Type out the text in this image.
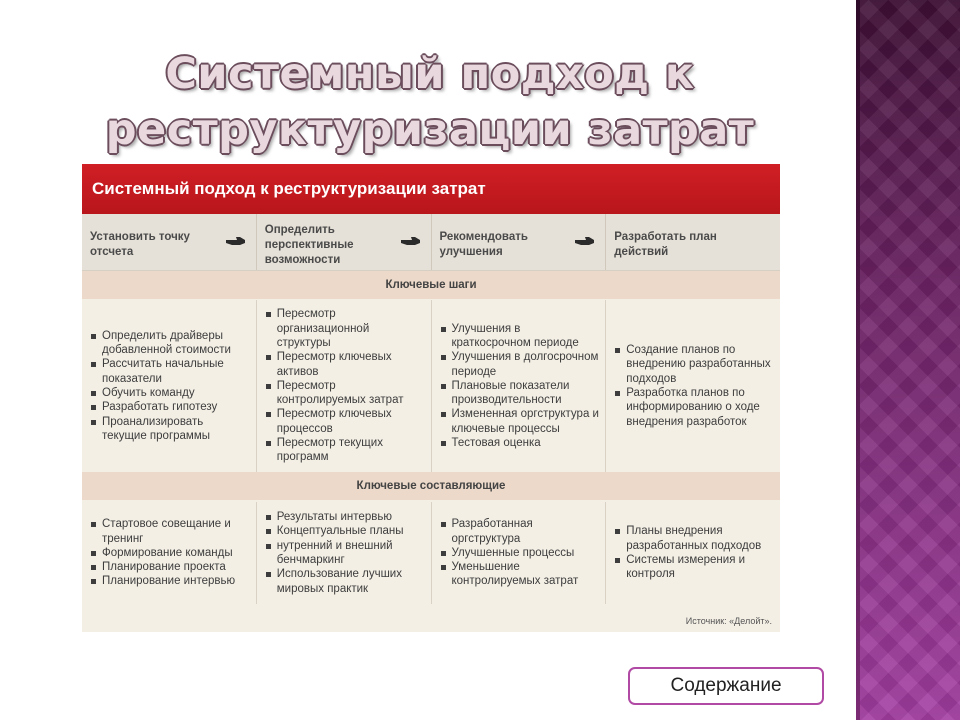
Системный подход к реструктуризации затрат
Системный подход к реструктуризации затрат
Установить точку отсчета
Определить перспективные возможности
Рекомендовать улучшения
Разработать план действий
Ключевые шаги
Определить драйверы добавленной стоимости
Рассчитать начальные показатели
Обучить команду
Разработать гипотезу
Проанализировать текущие программы
Пересмотр организационной структуры
Пересмотр ключевых активов
Пересмотр контролируемых затрат
Пересмотр ключевых процессов
Пересмотр текущих программ
Улучшения в краткосрочном периоде
Улучшения в долгосрочном периоде
Плановые показатели производительности
Измененная оргструктура и ключевые процессы
Тестовая оценка
Создание планов по внедрению разработанных подходов
Разработка планов по информированию о ходе внедрения разработок
Ключевые составляющие
Стартовое совещание и тренинг
Формирование команды
Планирование проекта
Планирование интервью
Результаты интервью
Концептуальные планы
нутренний и внешний бенчмаркинг
Использование лучших мировых практик
Разработанная оргструктура
Улучшенные процессы
Уменьшение контролируемых затрат
Планы внедрения разработанных подходов
Системы измерения и контроля
Источник: «Делойт».
Содержание
